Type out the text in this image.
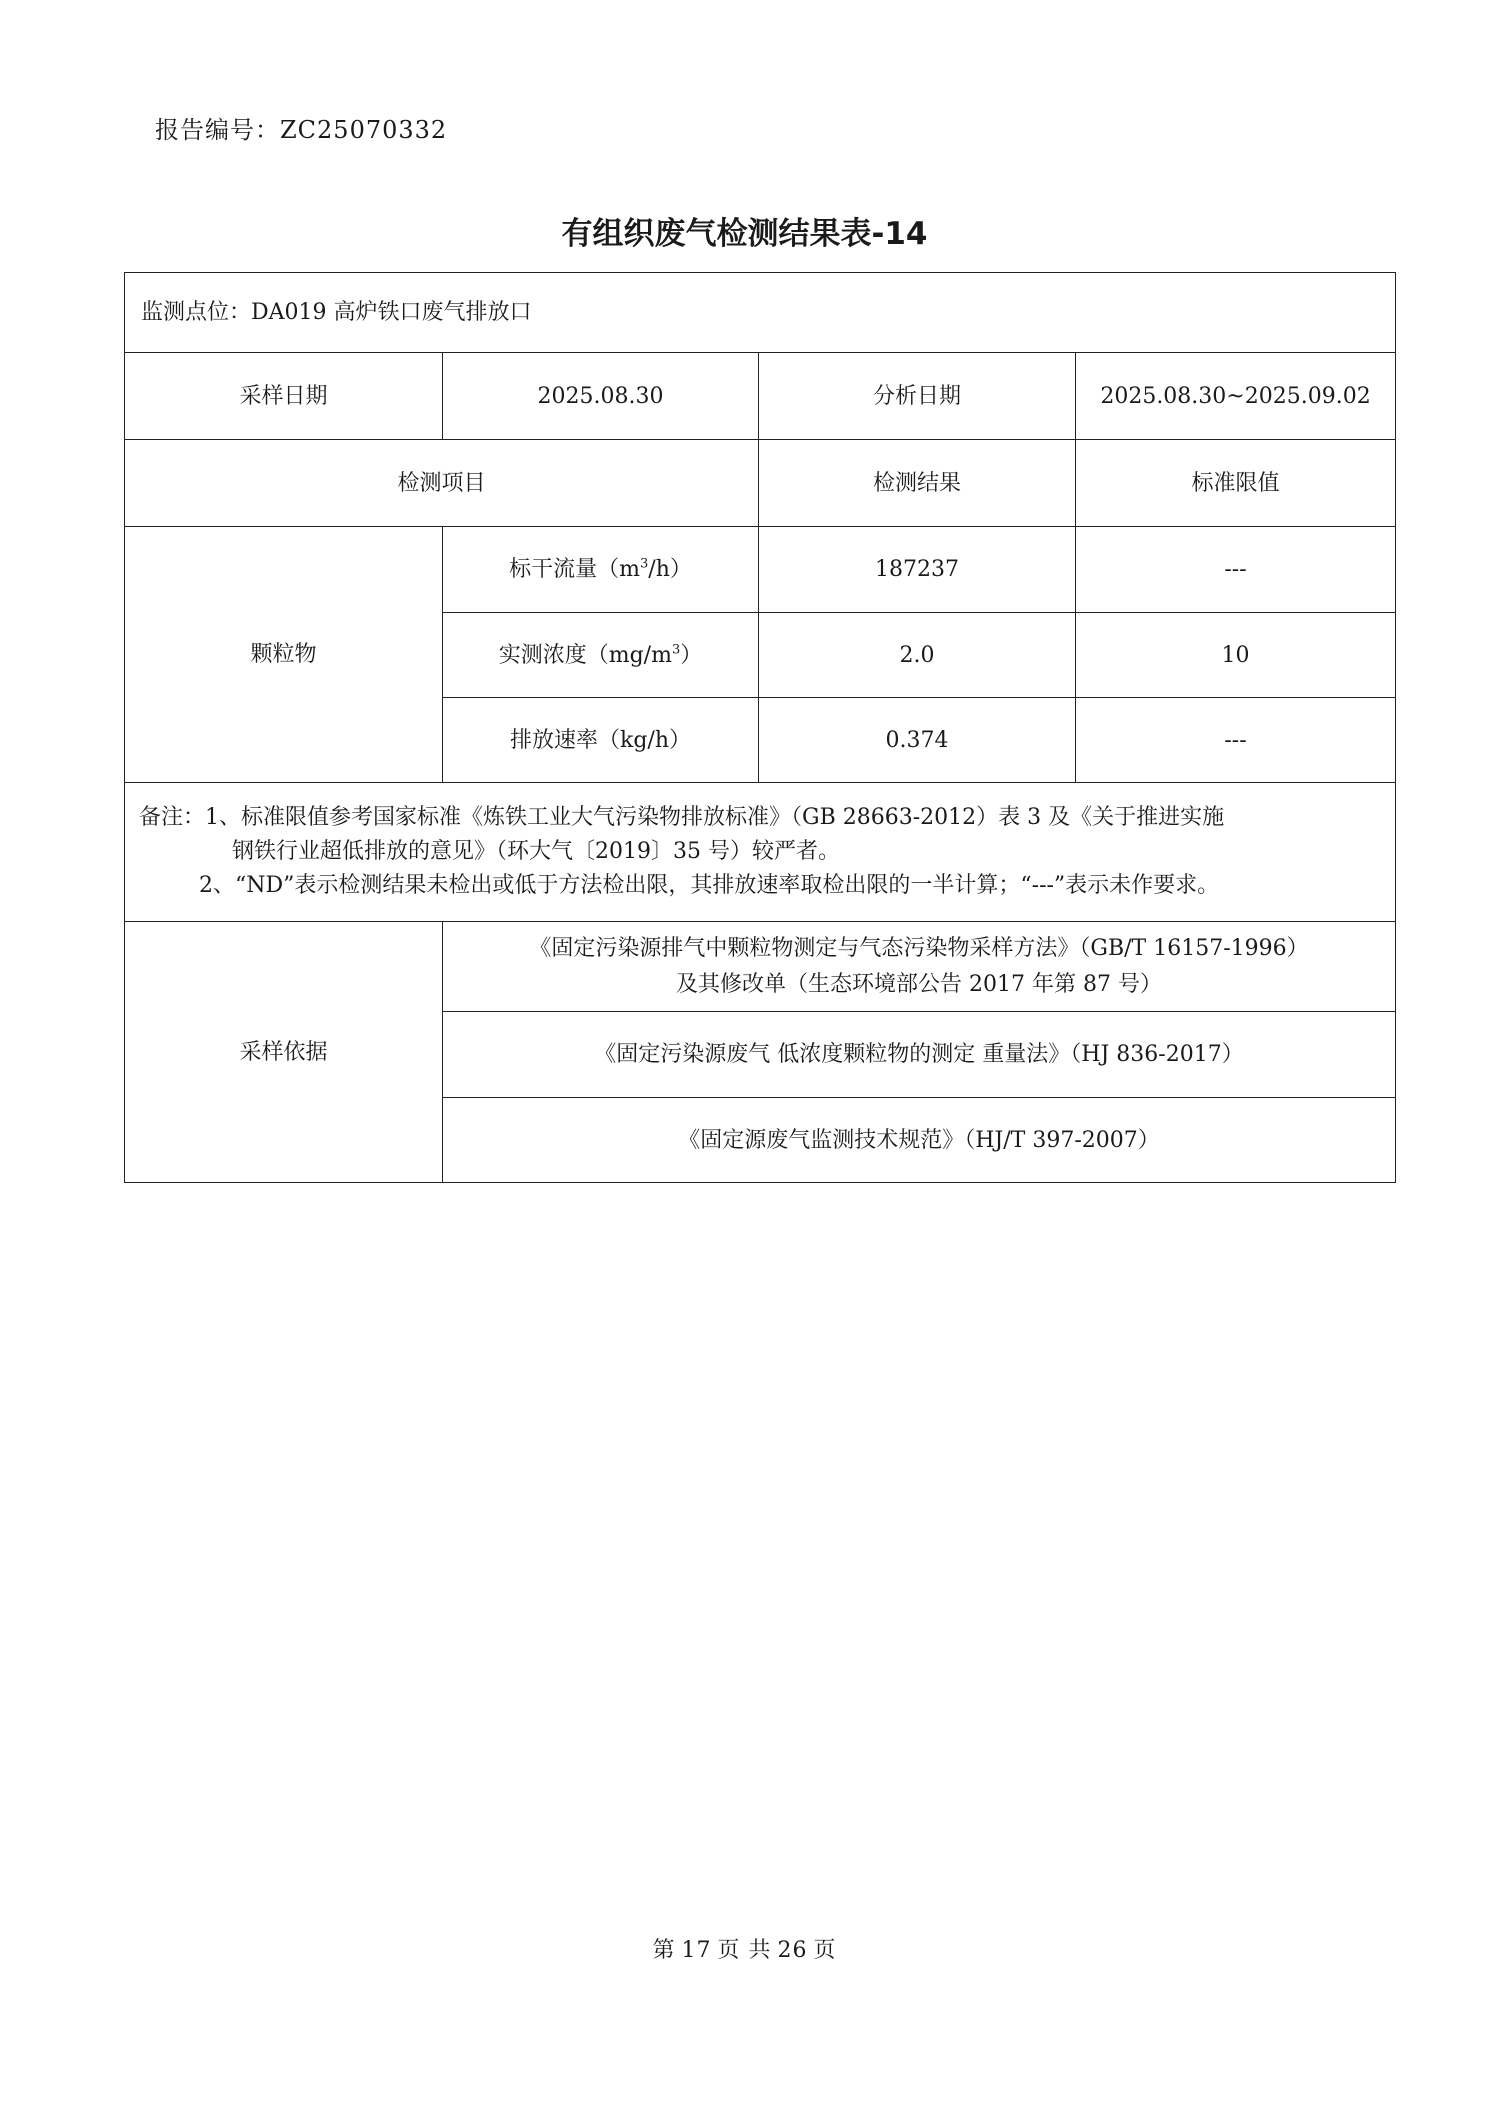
报告编号：ZC25070332
有组织废气检测结果表-14
监测点位：DA019 高炉铁口废气排放口			
采样日期	2025.08.30	分析日期	2025.08.30~2025.09.02
检测项目		检测结果	标准限值
颗粒物	标干流量$(m^3/h)$	187237	---
	实测浓度$(mg/m^3)$	2.0	10
	排放速率（kg/h）	0.374	---

备注：1、标准限值参考国家标准《炼铁工业大气污染物排放标准》（GB 28663-2012）表 3 及《关于推进实施
钢铁行业超低排放的意见》（环大气〔2019〕35 号）较严者。
2、“ND”表示检测结果未检出或低于方法检出限，其排放速率取检出限的一半计算；“---”表示未作要求。			

采样依据	《固定污染源排气中颗粒物测定与气态污染物采样方法》（GB/T 16157-1996）
及其修改单（生态环境部公告 2017 年第 87 号）		

	《固定污染源废气 低浓度颗粒物的测定 重量法》（HJ 836-2017）		
	《固定源废气监测技术规范》（HJ/T 397-2007）		
第 17 页 共 26 页
